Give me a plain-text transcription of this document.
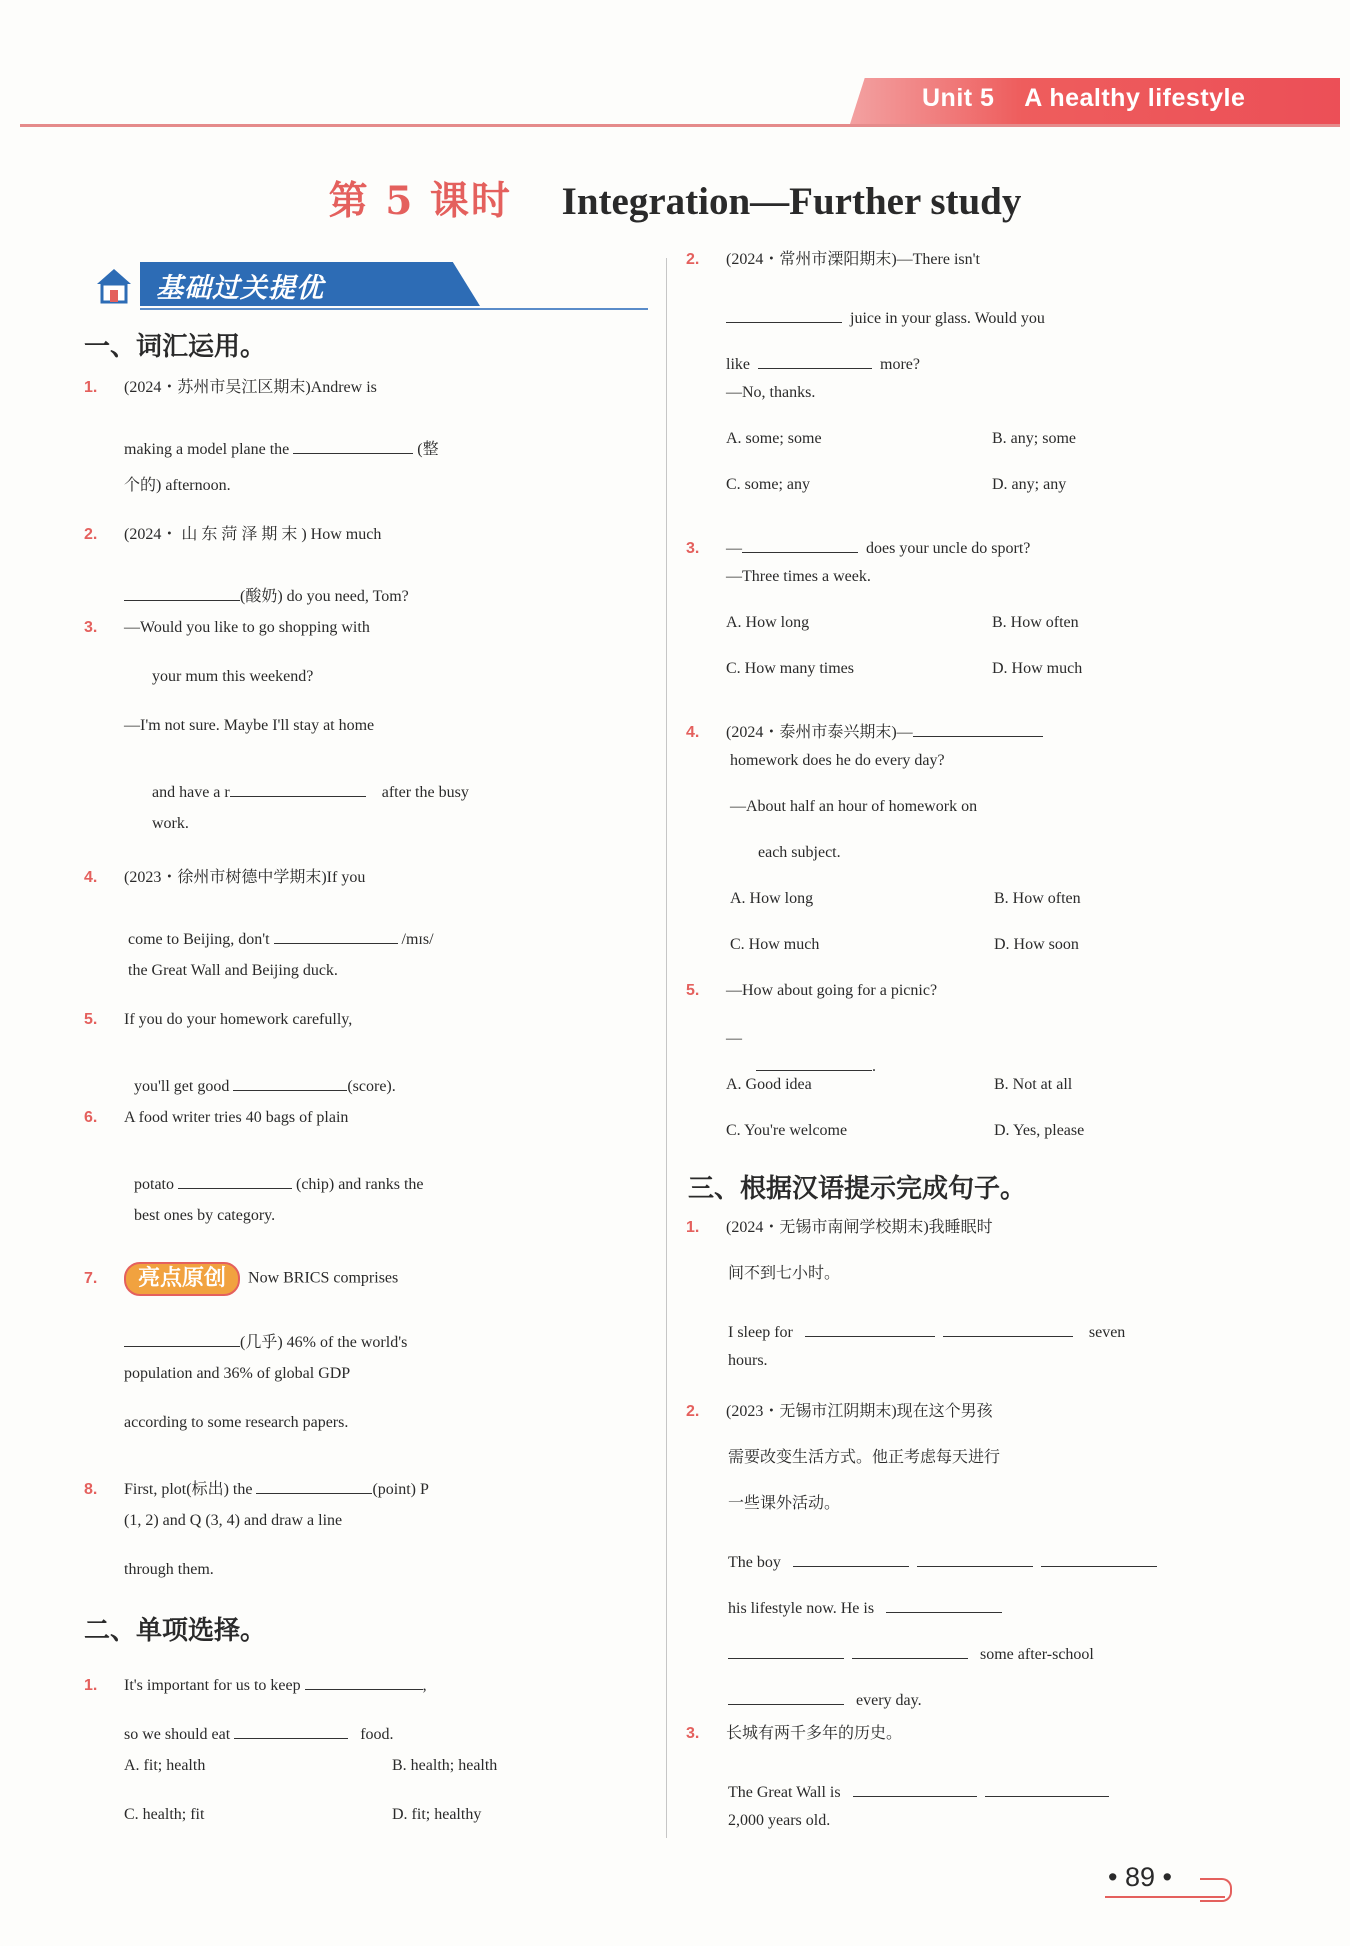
Unit 5 A healthy lifestyle
第 5 课时 Integration—Further study
基础过关提优
一、词汇运用。
1. (2024・苏州市吴江区期末)Andrew is
making a model plane the	(整
个的) afternoon.
2. (2024・ 山 东 菏 泽 期 末 ) How much
(酸奶) do you need, Tom?
3. —Would you like to go shopping with
your mum this weekend?
—I'm not sure. Maybe I'll stay at home
and have a r	after the busy
work.
4. (2023・徐州市树德中学期末)If you
come to Beijing, don't	/mɪs/
the Great Wall and Beijing duck.
5. If you do your homework carefully,
you'll get good	(score).
6. A food writer tries 40 bags of plain
potato	(chip) and ranks the
best ones by category.
7. 亮点原创 Now BRICS comprises
(几乎) 46% of the world's
population and 36% of global GDP
according to some research papers.
8. First, plot(标出) the	(point) P
(1, 2) and Q (3, 4) and draw a line
through them.
二、单项选择。
1. It's important for us to keep	,
so we should eat	food.
A. fit; health	B. health; health
C. health; fit	D. fit; healthy
2. (2024・常州市溧阳期末)—There isn't
juice in your glass. Would you
like	more?
—No, thanks.
A. some; some	B. any; some
C. some; any	D. any; any
3. —	does your uncle do sport?
—Three times a week.
A. How long	B. How often
C. How many times	D. How much
4. (2024・泰州市泰兴期末)—
homework does he do every day?
—About half an hour of homework on
each subject.
A. How long	B. How often
C. How much	D. How soon
5. —How about going for a picnic?
—

.
A. Good idea	B. Not at all
C. You're welcome	D. Yes, please
三、根据汉语提示完成句子。
1. (2024・无锡市南闸学校期末)我睡眠时
间不到七小时。
I sleep for	seven
hours.
2. (2023・无锡市江阴期末)现在这个男孩
需要改变生活方式。他正考虑每天进行
一些课外活动。
The boy
his lifestyle now. He is
some after-school
every day.
3. 长城有两千多年的历史。
The Great Wall is
2,000 years old.
• 89 •
